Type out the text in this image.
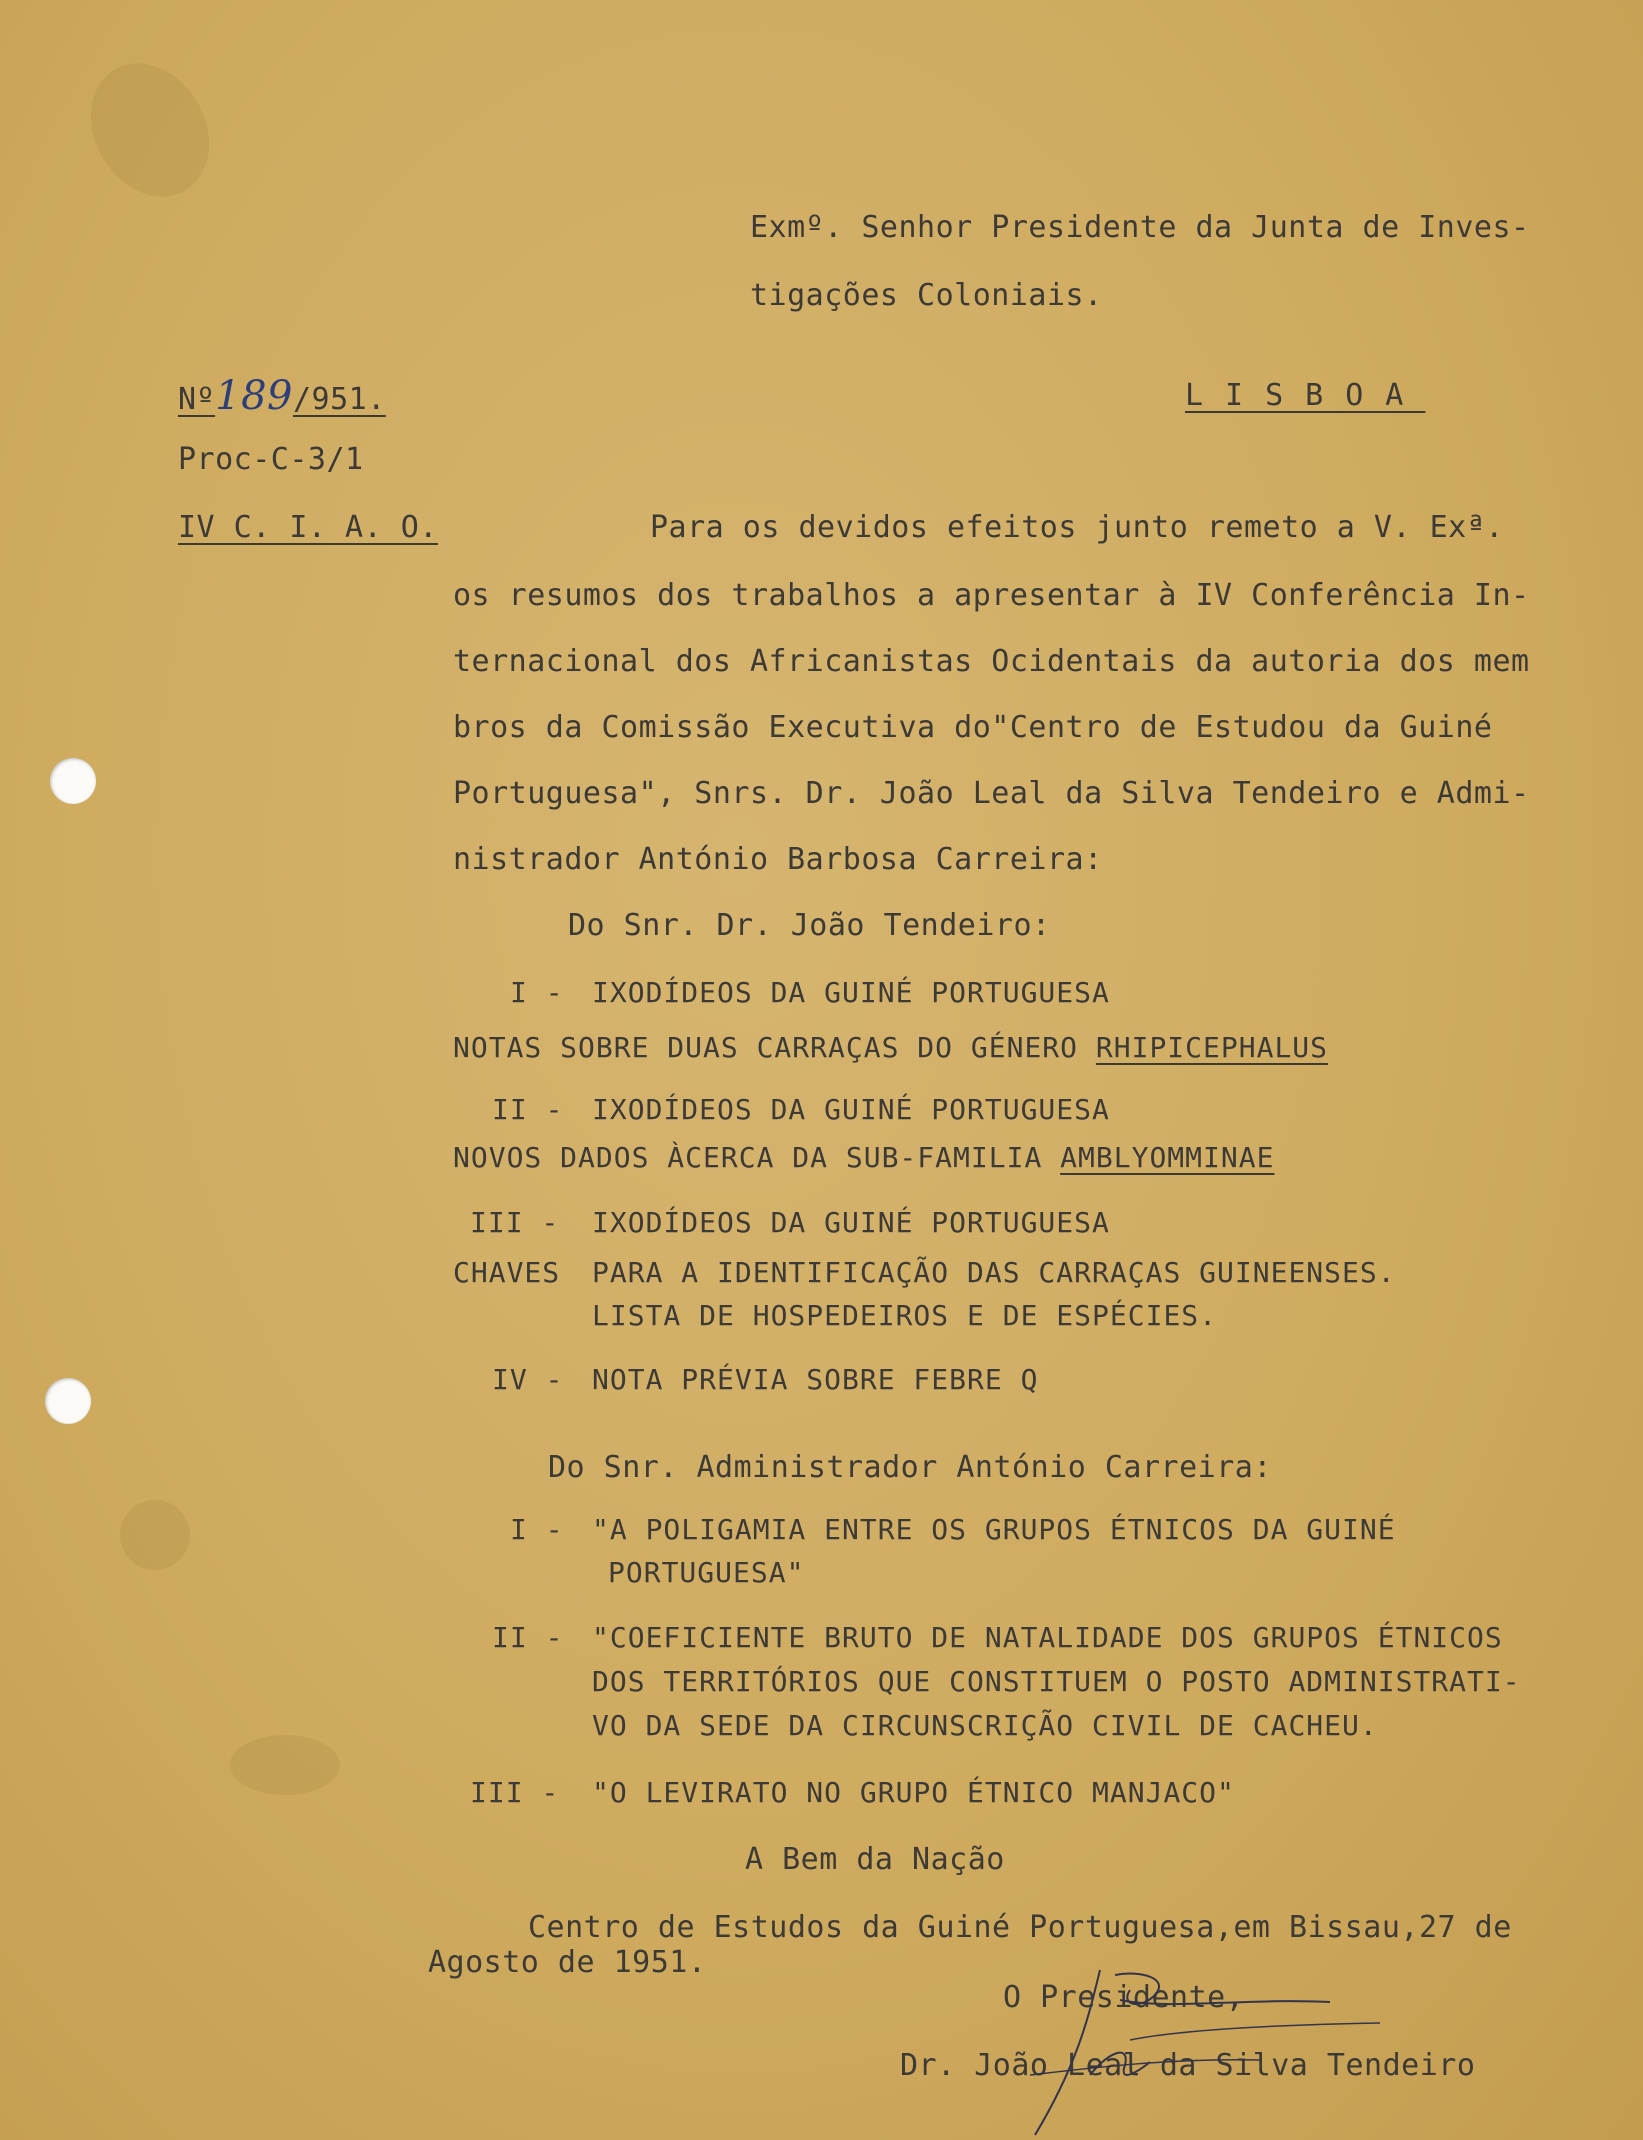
Exmº. Senhor Presidente da Junta de Inves-
tigações Coloniais.
Nº189/951.	LISBOA
Proc-C-3/1
IV C. I. A. O.	Para os devidos efeitos junto remeto a V. Exª.
os resumos dos trabalhos a apresentar à IV Conferência In-
ternacional dos Africanistas Ocidentais da autoria dos mem
bros da Comissão Executiva do"Centro de Estudou da Guiné
Portuguesa", Snrs. Dr. João Leal da Silva Tendeiro e Admi-
nistrador António Barbosa Carreira:
Do Snr. Dr. João Tendeiro:
I - IXODÍDEOS DA GUINÉ PORTUGUESA
NOTAS SOBRE DUAS CARRAÇAS DO GÉNERO RHIPICEPHALUS
II - IXODÍDEOS DA GUINÉ PORTUGUESA
NOVOS DADOS ÀCERCA DA SUB-FAMILIA AMBLYOMMINAE
III - IXODÍDEOS DA GUINÉ PORTUGUESA
CHAVES PARA A IDENTIFICAÇÃO DAS CARRAÇAS GUINEENSES.
LISTA DE HOSPEDEIROS E DE ESPÉCIES.
IV - NOTA PRÉVIA SOBRE FEBRE Q
Do Snr. Administrador António Carreira:
I - "A POLIGAMIA ENTRE OS GRUPOS ÉTNICOS DA GUINÉ
PORTUGUESA"
II - "COEFICIENTE BRUTO DE NATALIDADE DOS GRUPOS ÉTNICOS
DOS TERRITÓRIOS QUE CONSTITUEM O POSTO ADMINISTRATI-
VO DA SEDE DA CIRCUNSCRIÇÃO CIVIL DE CACHEU.
III - "O LEVIRATO NO GRUPO ÉTNICO MANJACO"
A Bem da Nação
Centro de Estudos da Guiné Portuguesa,em Bissau,27 de
Agosto de 1951.
O Presidente,
Dr. João Leal da Silva Tendeiro
